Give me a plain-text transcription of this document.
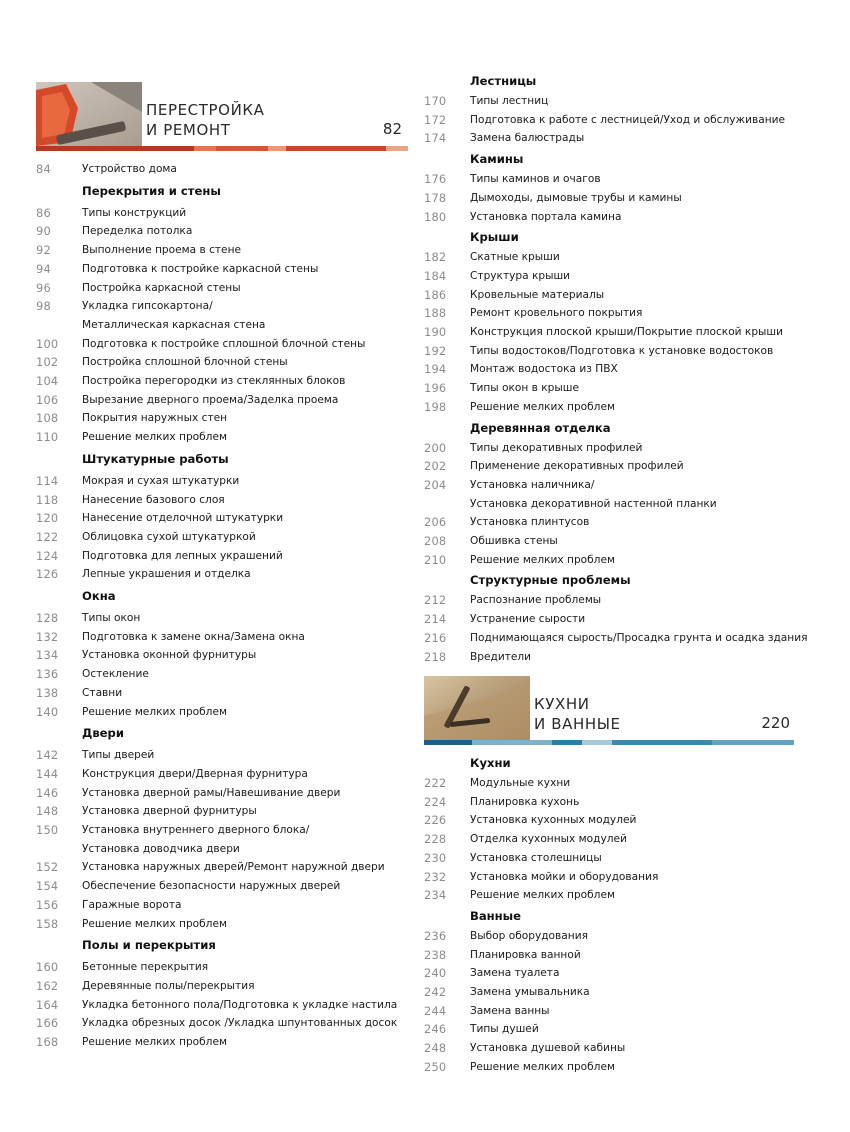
ПЕРЕСТРОЙКА
И РЕМОНТ	82
84	Устройство дома
Перекрытия и стены
86	Типы конструкций
90	Переделка потолка
92	Выполнение проема в стене
94	Подготовка к постройке каркасной стены
96	Постройка каркасной стены
98	Укладка гипсокартона/
Металлическая каркасная стена
100	Подготовка к постройке сплошной блочной стены
102	Постройка сплошной блочной стены
104	Постройка перегородки из стеклянных блоков
106	Вырезание дверного проема/Заделка проема
108	Покрытия наружных стен
110	Решение мелких проблем
Штукатурные работы
114	Мокрая и сухая штукатурки
118	Нанесение базового слоя
120	Нанесение отделочной штукатурки
122	Облицовка сухой штукатуркой
124	Подготовка для лепных украшений
126	Лепные украшения и отделка
Окна
128	Типы окон
132	Подготовка к замене окна/Замена окна
134	Установка оконной фурнитуры
136	Остекление
138	Ставни
140	Решение мелких проблем
Двери
142	Типы дверей
144	Конструкция двери/Дверная фурнитура
146	Установка дверной рамы/Навешивание двери
148	Установка дверной фурнитуры
150	Установка внутреннего дверного блока/
Установка доводчика двери
152	Установка наружных дверей/Ремонт наружной двери
154	Обеспечение безопасности наружных дверей
156	Гаражные ворота
158	Решение мелких проблем
Полы и перекрытия
160	Бетонные перекрытия
162	Деревянные полы/перекрытия
164	Укладка бетонного пола/Подготовка к укладке настила
166	Укладка обрезных досок /Укладка шпунтованных досок
168	Решение мелких проблем
Лестницы
170	Типы лестниц
172	Подготовка к работе с лестницей/Уход и обслуживание
174	Замена балюстрады
Камины
176	Типы каминов и очагов
178	Дымоходы, дымовые трубы и камины
180	Установка портала камина
Крыши
182	Скатные крыши
184	Структура крыши
186	Кровельные материалы
188	Ремонт кровельного покрытия
190	Конструкция плоской крыши/Покрытие плоской крыши
192	Типы водостоков/Подготовка к установке водостоков
194	Монтаж водостока из ПВХ
196	Типы окон в крыше
198	Решение мелких проблем
Деревянная отделка
200	Типы декоративных профилей
202	Применение декоративных профилей
204	Установка наличника/
Установка декоративной настенной планки
206	Установка плинтусов
208	Обшивка стены
210	Решение мелких проблем
Структурные проблемы
212	Распознание проблемы
214	Устранение сырости
216	Поднимающаяся сырость/Просадка грунта и осадка здания
218	Вредители
КУХНИ
И ВАННЫЕ	220
Кухни
222	Модульные кухни
224	Планировка кухонь
226	Установка кухонных модулей
228	Отделка кухонных модулей
230	Установка столешницы
232	Установка мойки и оборудования
234	Решение мелких проблем
Ванные
236	Выбор оборудования
238	Планировка ванной
240	Замена туалета
242	Замена умывальника
244	Замена ванны
246	Типы душей
248	Установка душевой кабины
250	Решение мелких проблем
